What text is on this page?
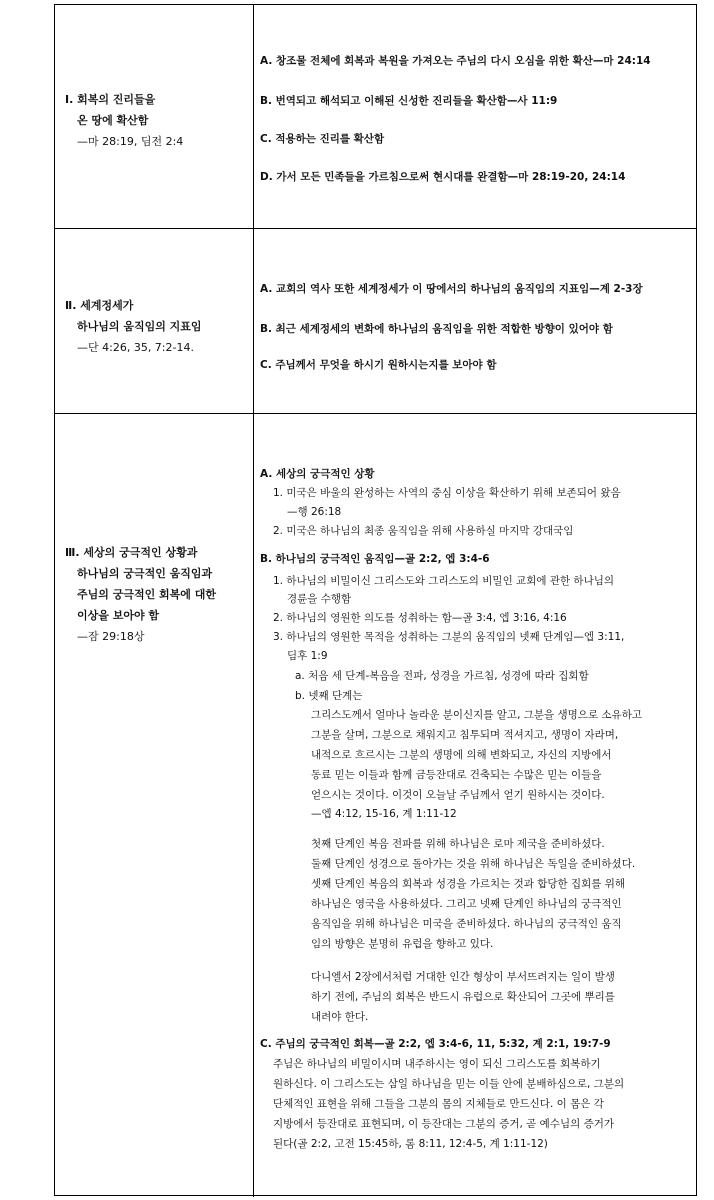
Ⅰ. 회복의 진리들을
온 땅에 확산함
—마 28:19, 딤전 2:4
A. 창조물 전체에 회복과 복원을 가져오는 주님의 다시 오심을 위한 확산—마 24:14
B. 번역되고 해석되고 이해된 신성한 진리들을 확산함—사 11:9
C. 적용하는 진리를 확산함
D. 가서 모든 민족들을 가르침으로써 현시대를 완결함—마 28:19-20, 24:14
Ⅱ. 세계정세가
하나님의 움직임의 지표임
—단 4:26, 35, 7:2-14.
A. 교회의 역사 또한 세계정세가 이 땅에서의 하나님의 움직임의 지표임—계 2-3장
B. 최근 세계정세의 변화에 하나님의 움직임을 위한 적합한 방향이 있어야 함
C. 주님께서 무엇을 하시기 원하시는지를 보아야 함
Ⅲ. 세상의 궁극적인 상황과
하나님의 궁극적인 움직임과
주님의 궁극적인 회복에 대한
이상을 보아야 함
—잠 29:18상
A. 세상의 궁극적인 상황
1. 미국은 바울의 완성하는 사역의 중심 이상을 확산하기 위해 보존되어 왔음
—행 26:18
2. 미국은 하나님의 최종 움직임을 위해 사용하실 마지막 강대국임
B. 하나님의 궁극적인 움직임—골 2:2, 엡 3:4-6
1. 하나님의 비밀이신 그리스도와 그리스도의 비밀인 교회에 관한 하나님의
경륜을 수행함
2. 하나님의 영원한 의도를 성취하는 함—골 3:4, 엡 3:16, 4:16
3. 하나님의 영원한 목적을 성취하는 그분의 움직임의 넷째 단계임—엡 3:11,
딤후 1:9
a. 처음 세 단계-복음을 전파, 성경을 가르침, 성경에 따라 집회함
b. 넷째 단계는
그리스도께서 얼마나 놀라운 분이신지를 알고, 그분을 생명으로 소유하고
그분을 살며, 그분으로 채워지고 침투되며 적셔지고, 생명이 자라며,
내적으로 흐르시는 그분의 생명에 의해 변화되고, 자신의 지방에서
동료 믿는 이들과 함께 금등잔대로 건축되는 수많은 믿는 이들을
얻으시는 것이다. 이것이 오늘날 주님께서 얻기 원하시는 것이다.
—엡 4:12, 15-16, 계 1:11-12
첫째 단계인 복음 전파를 위해 하나님은 로마 제국을 준비하셨다.
둘째 단계인 성경으로 돌아가는 것을 위해 하나님은 독일을 준비하셨다.
셋째 단계인 복음의 회복과 성경을 가르치는 것과 합당한 집회를 위해
하나님은 영국을 사용하셨다. 그리고 넷째 단계인 하나님의 궁극적인
움직임을 위해 하나님은 미국을 준비하셨다. 하나님의 궁극적인 움직
임의 방향은 분명히 유럽을 향하고 있다.
다니엘서 2장에서처럼 거대한 인간 형상이 부서뜨려지는 일이 발생
하기 전에, 주님의 회복은 반드시 유럽으로 확산되어 그곳에 뿌리를
내려야 한다.
C. 주님의 궁극적인 회복—골 2:2, 엡 3:4-6, 11, 5:32, 계 2:1, 19:7-9
주님은 하나님의 비밀이시며 내주하시는 영이 되신 그리스도를 회복하기
원하신다. 이 그리스도는 삼일 하나님을 믿는 이들 안에 분배하심으로, 그분의
단체적인 표현을 위해 그들을 그분의 몸의 지체들로 만드신다. 이 몸은 각
지방에서 등잔대로 표현되며, 이 등잔대는 그분의 증거, 곧 예수님의 증거가
된다(골 2:2, 고전 15:45하, 롬 8:11, 12:4-5, 계 1:11-12)
